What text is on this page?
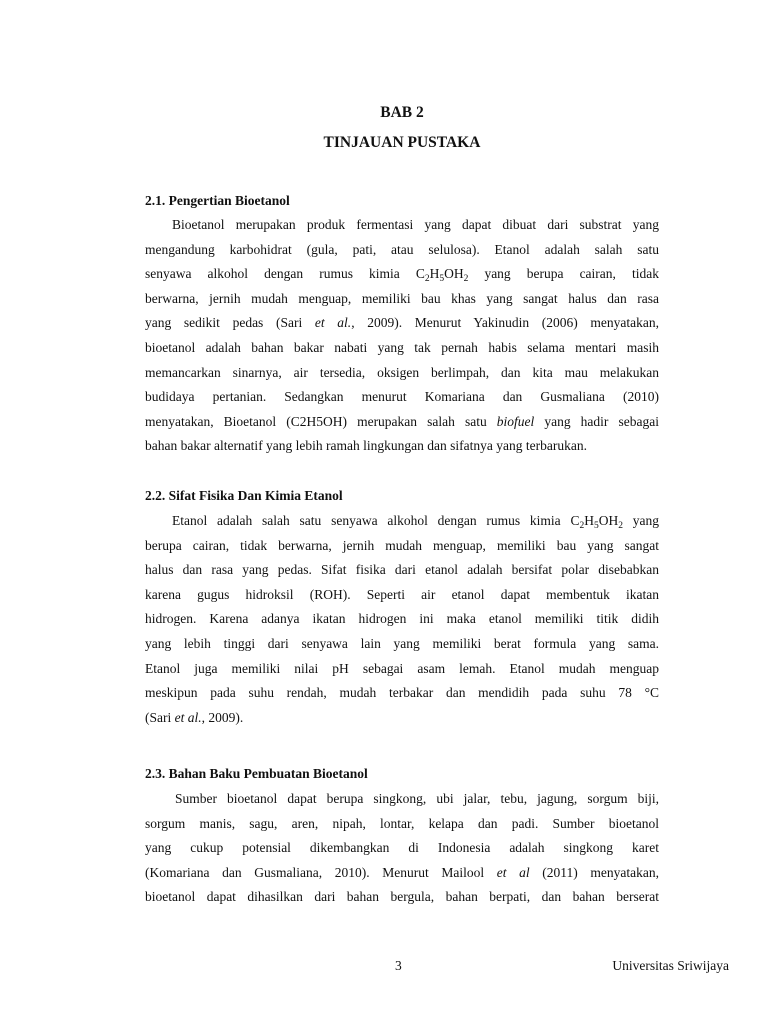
BAB 2

TINJAUAN PUSTAKA

2.1. Pengertian Bioetanol

Bioetanol merupakan produk fermentasi yang dapat dibuat dari substrat yang
mengandung karbohidrat (gula, pati, atau selulosa). Etanol adalah salah satu
senyawa alkohol dengan rumus kimia $C_2H_5OH_2$ yang berupa cairan, tidak
berwarna, jernih mudah menguap, memiliki bau khas yang sangat halus dan rasa
yang sedikit pedas (Sari et al., 2009). Menurut Yakinudin (2006) menyatakan,
bioetanol adalah bahan bakar nabati yang tak pernah habis selama mentari masih
memancarkan sinarnya, air tersedia, oksigen berlimpah, dan kita mau melakukan
budidaya pertanian. Sedangkan menurut Komariana dan Gusmaliana (2010)
menyatakan, Bioetanol (C2H5OH) merupakan salah satu biofuel yang hadir sebagai
bahan bakar alternatif yang lebih ramah lingkungan dan sifatnya yang terbarukan.

2.2. Sifat Fisika Dan Kimia Etanol

Etanol adalah salah satu senyawa alkohol dengan rumus kimia $C_2H_5OH_2$ yang
berupa cairan, tidak berwarna, jernih mudah menguap, memiliki bau yang sangat
halus dan rasa yang pedas. Sifat fisika dari etanol adalah bersifat polar disebabkan
karena gugus hidroksil (ROH). Seperti air etanol dapat membentuk ikatan
hidrogen. Karena adanya ikatan hidrogen ini maka etanol memiliki titik didih
yang lebih tinggi dari senyawa lain yang memiliki berat formula yang sama.
Etanol juga memiliki nilai pH sebagai asam lemah. Etanol mudah menguap
meskipun pada suhu rendah, mudah terbakar dan mendidih pada suhu 78 °C
(Sari et al., 2009).

2.3. Bahan Baku Pembuatan Bioetanol

Sumber bioetanol dapat berupa singkong, ubi jalar, tebu, jagung, sorgum biji,
sorgum manis, sagu, aren, nipah, lontar, kelapa dan padi. Sumber bioetanol
yang cukup potensial dikembangkan di Indonesia adalah singkong karet
(Komariana dan Gusmaliana, 2010). Menurut Mailool et al (2011) menyatakan,
bioetanol dapat dihasilkan dari bahan bergula, bahan berpati, dan bahan berserat

3	Universitas Sriwijaya
